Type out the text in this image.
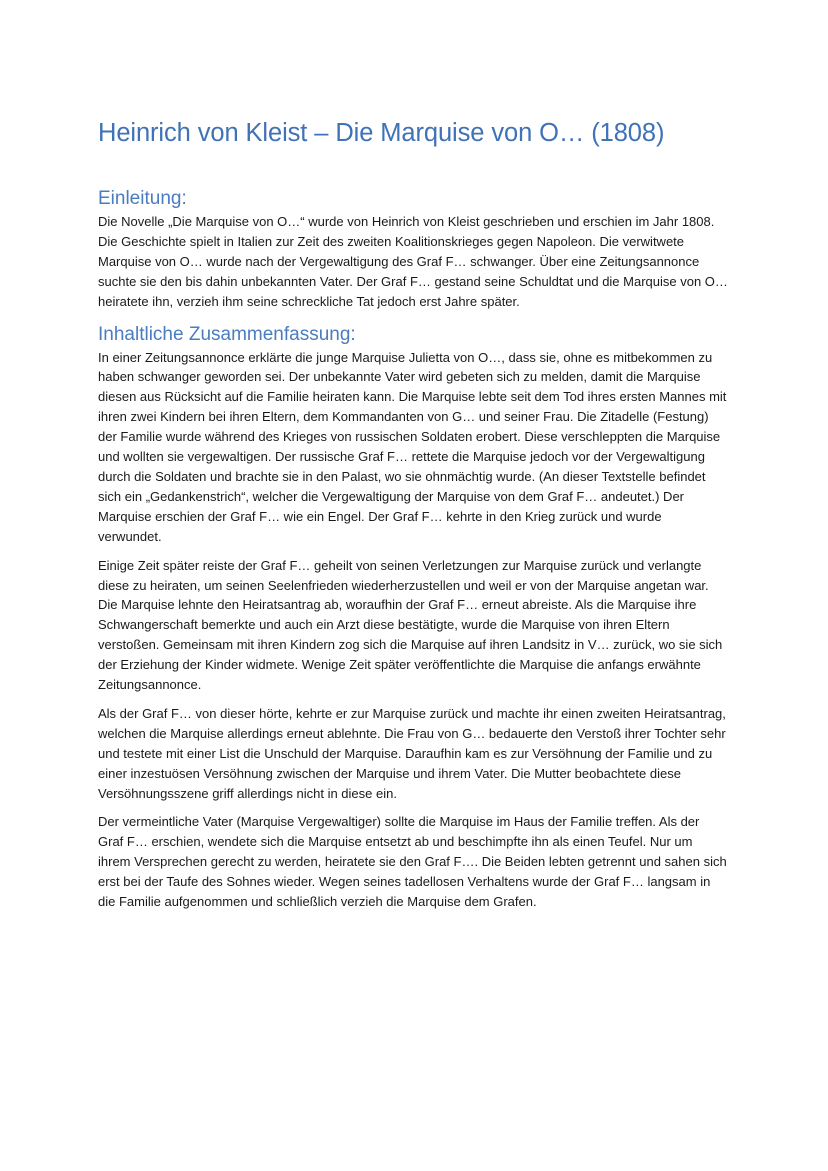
Heinrich von Kleist – Die Marquise von O… (1808)
Einleitung:

Die Novelle „Die Marquise von O…“ wurde von Heinrich von Kleist geschrieben und erschien im Jahr 1808. Die Geschichte spielt in Italien zur Zeit des zweiten Koalitionskrieges gegen Napoleon. Die verwitwete Marquise von O… wurde nach der Vergewaltigung des Graf F… schwanger. Über eine Zeitungsannonce suchte sie den bis dahin unbekannten Vater. Der Graf F… gestand seine Schuldtat und die Marquise von O… heiratete ihn, verzieh ihm seine schreckliche Tat jedoch erst Jahre später.

Inhaltliche Zusammenfassung:

In einer Zeitungsannonce erklärte die junge Marquise Julietta von O…, dass sie, ohne es mitbekommen zu haben schwanger geworden sei. Der unbekannte Vater wird gebeten sich zu melden, damit die Marquise diesen aus Rücksicht auf die Familie heiraten kann. Die Marquise lebte seit dem Tod ihres ersten Mannes mit ihren zwei Kindern bei ihren Eltern, dem Kommandanten von G… und seiner Frau. Die Zitadelle (Festung) der Familie wurde während des Krieges von russischen Soldaten erobert. Diese verschleppten die Marquise und wollten sie vergewaltigen. Der russische Graf F… rettete die Marquise jedoch vor der Vergewaltigung durch die Soldaten und brachte sie in den Palast, wo sie ohnmächtig wurde. (An dieser Textstelle befindet sich ein „Gedankenstrich“, welcher die Vergewaltigung der Marquise von dem Graf F… andeutet.) Der Marquise erschien der Graf F… wie ein Engel. Der Graf F… kehrte in den Krieg zurück und wurde verwundet.

Einige Zeit später reiste der Graf F… geheilt von seinen Verletzungen zur Marquise zurück und verlangte diese zu heiraten, um seinen Seelenfrieden wiederherzustellen und weil er von der Marquise angetan war. Die Marquise lehnte den Heiratsantrag ab, woraufhin der Graf F… erneut abreiste. Als die Marquise ihre Schwangerschaft bemerkte und auch ein Arzt diese bestätigte, wurde die Marquise von ihren Eltern verstoßen. Gemeinsam mit ihren Kindern zog sich die Marquise auf ihren Landsitz in V… zurück, wo sie sich der Erziehung der Kinder widmete. Wenige Zeit später veröffentlichte die Marquise die anfangs erwähnte Zeitungsannonce.

Als der Graf F… von dieser hörte, kehrte er zur Marquise zurück und machte ihr einen zweiten Heiratsantrag, welchen die Marquise allerdings erneut ablehnte. Die Frau von G… bedauerte den Verstoß ihrer Tochter sehr und testete mit einer List die Unschuld der Marquise. Daraufhin kam es zur Versöhnung der Familie und zu einer inzestuösen Versöhnung zwischen der Marquise und ihrem Vater. Die Mutter beobachtete diese Versöhnungsszene griff allerdings nicht in diese ein.

Der vermeintliche Vater (Marquise Vergewaltiger) sollte die Marquise im Haus der Familie treffen. Als der Graf F… erschien, wendete sich die Marquise entsetzt ab und beschimpfte ihn als einen Teufel. Nur um ihrem Versprechen gerecht zu werden, heiratete sie den Graf F…. Die Beiden lebten getrennt und sahen sich erst bei der Taufe des Sohnes wieder. Wegen seines tadellosen Verhaltens wurde der Graf F… langsam in die Familie aufgenommen und schließlich verzieh die Marquise dem Grafen.
